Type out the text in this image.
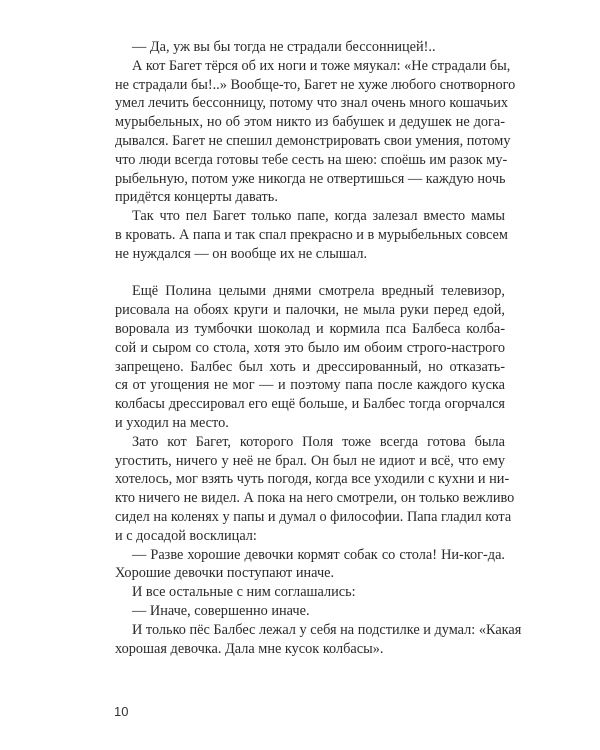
— Да, уж вы бы тогда не страдали бессонницей!..

А кот Багет тёрся об их ноги и тоже мяукал: «Не страдали бы,
не страдали бы!..» Вообще-то, Багет не хуже любого снотворного
умел лечить бессонницу, потому что знал очень много кошачьих
мурыбельных, но об этом никто из бабушек и дедушек не дога-
дывался. Багет не спешил демонстрировать свои умения, потому
что люди всегда готовы тебе сесть на шею: споёшь им разок му-
рыбельную, потом уже никогда не отвертишься — каждую ночь
придётся концерты давать.

Так что пел Багет только папе, когда залезал вместо мамы
в кровать. А папа и так спал прекрасно и в мурыбельных совсем
не нуждался — он вообще их не слышал.

Ещё Полина целыми днями смотрела вредный телевизор,
рисовала на обоях круги и палочки, не мыла руки перед едой,
воровала из тумбочки шоколад и кормила пса Балбеса колба-
сой и сыром со стола, хотя это было им обоим строго-настрого
запрещено. Балбес был хоть и дрессированный, но отказать-
ся от угощения не мог — и поэтому папа после каждого куска
колбасы дрессировал его ещё больше, и Балбес тогда огорчался
и уходил на место.

Зато кот Багет, которого Поля тоже всегда готова была
угостить, ничего у неё не брал. Он был не идиот и всё, что ему
хотелось, мог взять чуть погодя, когда все уходили с кухни и ни-
кто ничего не видел. А пока на него смотрели, он только вежливо
сидел на коленях у папы и думал о философии. Папа гладил кота
и с досадой восклицал:

— Разве хорошие девочки кормят собак со стола! Ни-ког-да.
Хорошие девочки поступают иначе.

И все остальные с ним соглашались:

— Иначе, совершенно иначе.

И только пёс Балбес лежал у себя на подстилке и думал: «Какая
хорошая девочка. Дала мне кусок колбасы».

10
